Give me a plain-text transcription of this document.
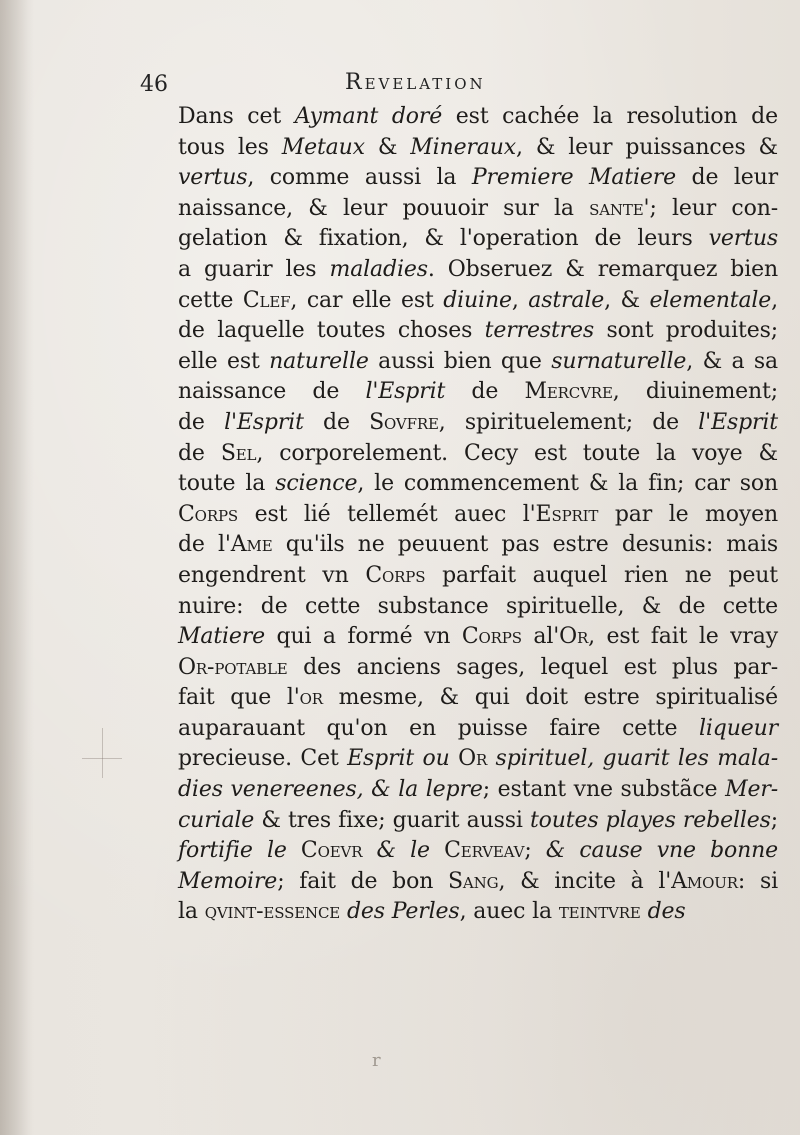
46	Revelation
Dans cet Aymant doré est cachée la resolution de
tous les Metaux & Mineraux, & leur puissances &
vertus, comme aussi la Premiere Matiere de leur
naissance, & leur pouuoir sur la sante'; leur con-
gelation & fixation, & l'operation de leurs vertus
a guarir les maladies. Obseruez & remarquez bien
cette Clef, car elle est diuine, astrale, & elementale,
de laquelle toutes choses terrestres sont produites;
elle est naturelle aussi bien que surnaturelle, & a sa
naissance de l'Esprit de Mercvre, diuinement;
de l'Esprit de Sovfre, spirituelement; de l'Esprit
de Sel, corporelement. Cecy est toute la voye &
toute la science, le commencement & la fin; car son
Corps est lié tellemét auec l'Esprit par le moyen
de l'Ame qu'ils ne peuuent pas estre desunis: mais
engendrent vn Corps parfait auquel rien ne peut
nuire: de cette substance spirituelle, & de cette
Matiere qui a formé vn Corps al'Or, est fait le vray
Or-potable des anciens sages, lequel est plus par-
fait que l'or mesme, & qui doit estre spiritualisé
auparauant qu'on en puisse faire cette liqueur
precieuse. Cet Esprit ou Or spirituel, guarit les mala-
dies venereenes, & la lepre; estant vne substãce Mer-
curiale & tres fixe; guarit aussi toutes playes rebelles;
fortifie le Coevr & le Cerveav; & cause vne bonne
Memoire; fait de bon Sang, & incite à l'Amour: si
la qvint-essence des Perles, auec la teintvre des
r
